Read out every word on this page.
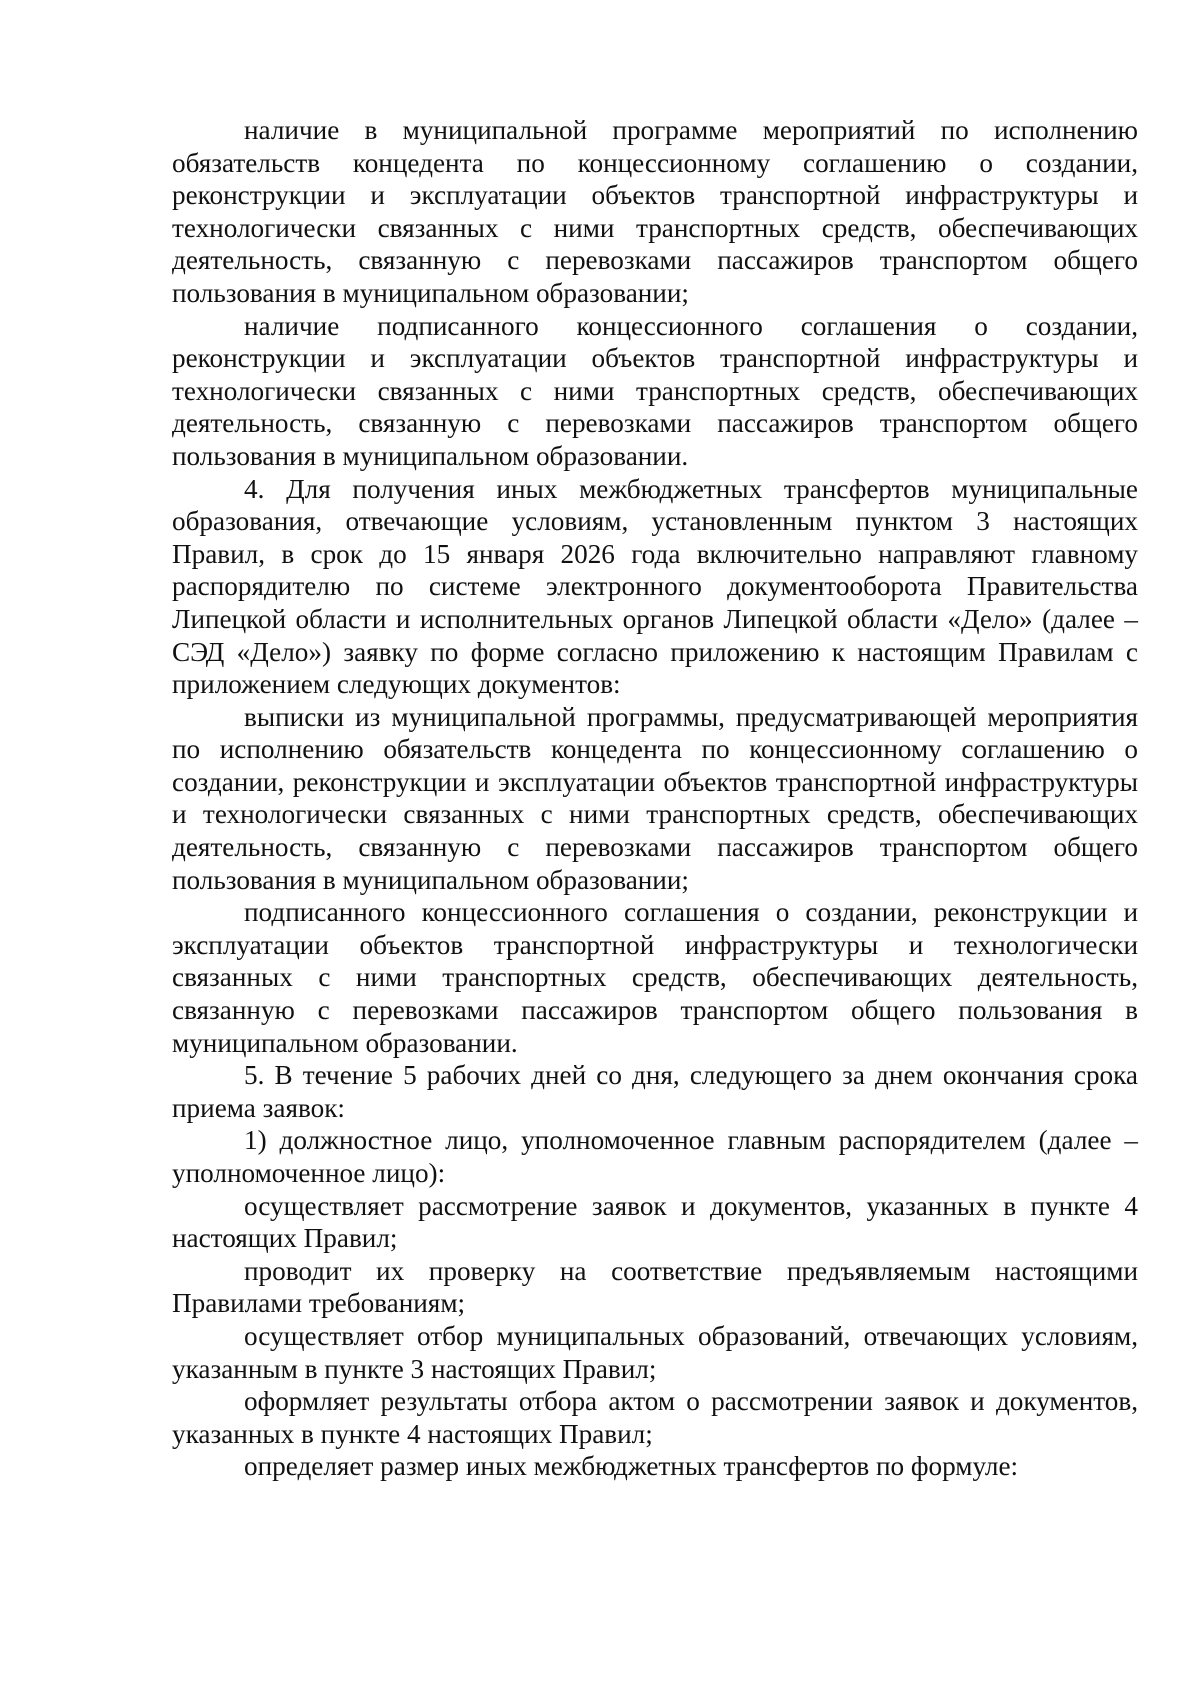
наличие в муниципальной программе мероприятий по исполнению обязательств концедента по концессионному соглашению о создании, реконструкции и эксплуатации объектов транспортной инфраструктуры и технологически связанных с ними транспортных средств, обеспечивающих деятельность, связанную с перевозками пассажиров транспортом общего пользования в муниципальном образовании;

наличие подписанного концессионного соглашения о создании, реконструкции и эксплуатации объектов транспортной инфраструктуры и технологически связанных с ними транспортных средств, обеспечивающих деятельность, связанную с перевозками пассажиров транспортом общего пользования в муниципальном образовании.

4. Для получения иных межбюджетных трансфертов муниципальные образования, отвечающие условиям, установленным пунктом 3 настоящих Правил, в срок до 15 января 2026 года включительно направляют главному распорядителю по системе электронного документооборота Правительства Липецкой области и исполнительных органов Липецкой области «Дело» (далее – СЭД «Дело») заявку по форме согласно приложению к настоящим Правилам с приложением следующих документов:

выписки из муниципальной программы, предусматривающей мероприятия по исполнению обязательств концедента по концессионному соглашению о создании, реконструкции и эксплуатации объектов транспортной инфраструктуры и технологически связанных с ними транспортных средств, обеспечивающих деятельность, связанную с перевозками пассажиров транспортом общего пользования в муниципальном образовании;

подписанного концессионного соглашения о создании, реконструкции и эксплуатации объектов транспортной инфраструктуры и технологически связанных с ними транспортных средств, обеспечивающих деятельность, связанную с перевозками пассажиров транспортом общего пользования в муниципальном образовании.

5. В течение 5 рабочих дней со дня, следующего за днем окончания срока приема заявок:

1) должностное лицо, уполномоченное главным распорядителем (далее – уполномоченное лицо):

осуществляет рассмотрение заявок и документов, указанных в пункте 4 настоящих Правил;

проводит их проверку на соответствие предъявляемым настоящими Правилами требованиям;

осуществляет отбор муниципальных образований, отвечающих условиям, указанным в пункте 3 настоящих Правил;

оформляет результаты отбора актом о рассмотрении заявок и документов, указанных в пункте 4 настоящих Правил;

определяет размер иных межбюджетных трансфертов по формуле:
